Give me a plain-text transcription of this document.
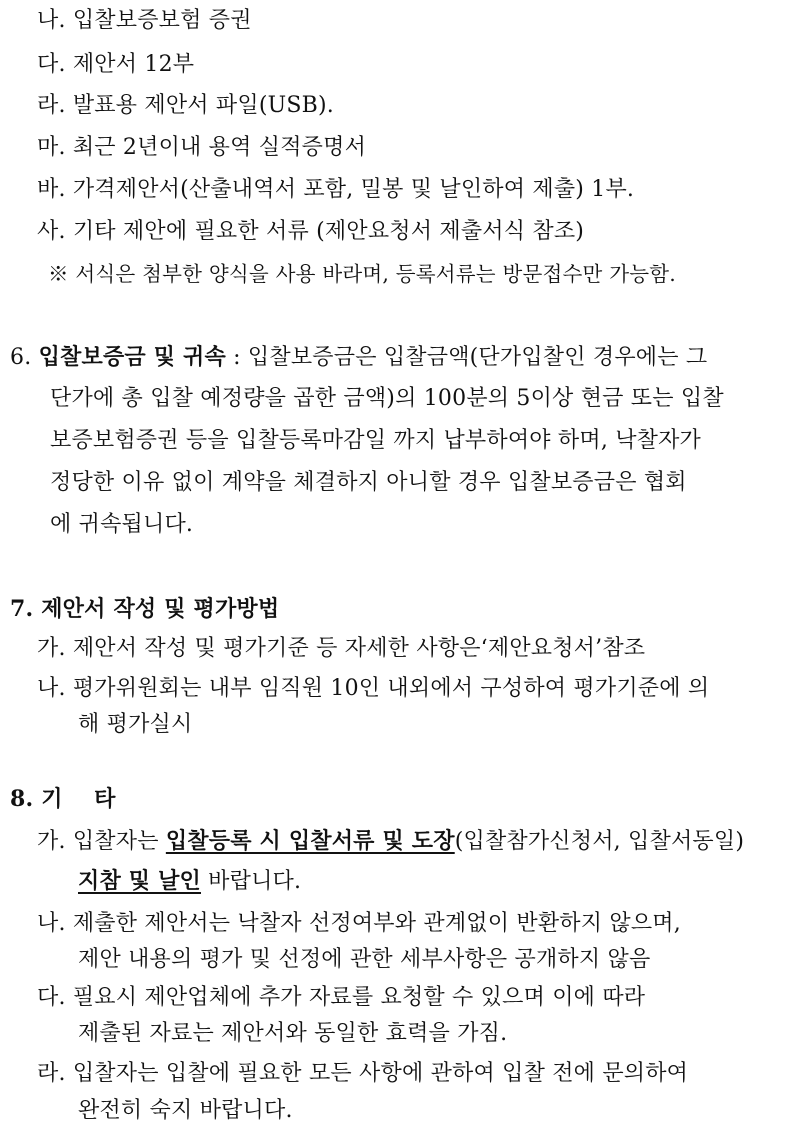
나. 입찰보증보험 증권
다. 제안서 12부
라. 발표용 제안서 파일(USB).
마. 최근 2년이내 용역 실적증명서
바. 가격제안서(산출내역서 포함, 밀봉 및 날인하여 제출) 1부.
사. 기타 제안에 필요한 서류 (제안요청서 제출서식 참조)
※ 서식은 첨부한 양식을 사용 바라며, 등록서류는 방문접수만 가능함.
6. 입찰보증금 및 귀속 : 입찰보증금은 입찰금액(단가입찰인 경우에는 그
단가에 총 입찰 예정량을 곱한 금액)의 100분의 5이상 현금 또는 입찰
보증보험증권 등을 입찰등록마감일 까지 납부하여야 하며, 낙찰자가
정당한 이유 없이 계약을 체결하지 아니할 경우 입찰보증금은 협회
에 귀속됩니다.
7. 제안서 작성 및 평가방법
가. 제안서 작성 및 평가기준 등 자세한 사항은‘제안요청서’참조
나. 평가위원회는 내부 임직원 10인 내외에서 구성하여 평가기준에 의
해 평가실시
8. 기    타
가. 입찰자는 입찰등록 시 입찰서류 및 도장(입찰참가신청서, 입찰서동일)
지참 및 날인 바랍니다.
나. 제출한 제안서는 낙찰자 선정여부와 관계없이 반환하지 않으며,
제안 내용의 평가 및 선정에 관한 세부사항은 공개하지 않음
다. 필요시 제안업체에 추가 자료를 요청할 수 있으며 이에 따라
제출된 자료는 제안서와 동일한 효력을 가짐.
라. 입찰자는 입찰에 필요한 모든 사항에 관하여 입찰 전에 문의하여
완전히 숙지 바랍니다.
